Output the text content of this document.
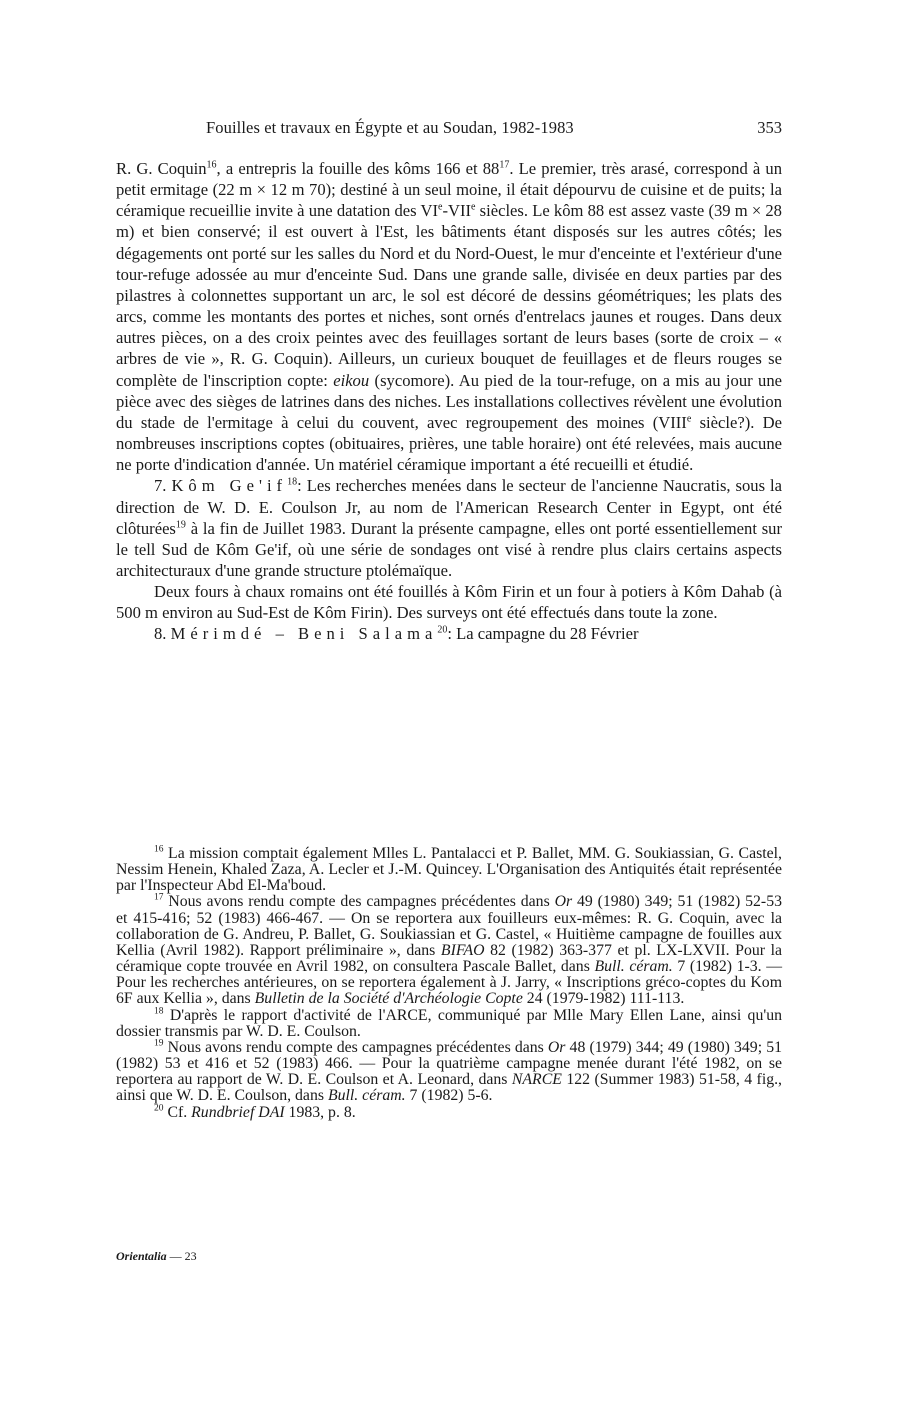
Fouilles et travaux en Égypte et au Soudan, 1982-1983	353

R. G. Coquin$^{16}$, a entrepris la fouille des kôms 166 et $88^{17}$. Le premier, très arasé, correspond à un petit ermitage (22 m × 12 m 70); destiné à un seul moine, il était dépourvu de cuisine et de puits; la céramique recueillie invite à une datation des VIe-VIIe siècles. Le kôm 88 est assez vaste (39 m × 28 m) et bien conservé; il est ouvert à l'Est, les bâtiments étant disposés sur les autres côtés; les dégagements ont porté sur les salles du Nord et du Nord-Ouest, le mur d'enceinte et l'extérieur d'une tour-refuge adossée au mur d'enceinte Sud. Dans une grande salle, divisée en deux parties par des pilastres à colonnettes supportant un arc, le sol est décoré de dessins géométriques; les plats des arcs, comme les montants des portes et niches, sont ornés d'entrelacs jaunes et rouges. Dans deux autres pièces, on a des croix peintes avec des feuillages sortant de leurs bases (sorte de croix – « arbres de vie », R. G. Coquin). Ailleurs, un curieux bouquet de feuillages et de fleurs rouges se complète de l'inscription copte: eikou (sycomore). Au pied de la tour-refuge, on a mis au jour une pièce avec des sièges de latrines dans des niches. Les installations collectives révèlent une évolution du stade de l'ermitage à celui du couvent, avec regroupement des moines (VIIIe siècle?). De nombreuses inscriptions coptes (obituaires, prières, une table horaire) ont été relevées, mais aucune ne porte d'indication d'année. Un matériel céramique important a été recueilli et étudié.

7. Kôm $Ge'if^{18}$: Les recherches menées dans le secteur de l'ancienne Naucratis, sous la direction de W. D. E. Coulson Jr, au nom de l'American Research Center in Egypt, ont été clôturées$^{19}$ à la fin de Juillet 1983. Durant la présente campagne, elles ont porté essentiellement sur le tell Sud de Kôm Ge'if, où une série de sondages ont visé à rendre plus clairs certains aspects architecturaux d'une grande structure ptolémaïque.

Deux fours à chaux romains ont été fouillés à Kôm Firin et un four à potiers à Kôm Dahab (à 500 m environ au Sud-Est de Kôm Firin). Des surveys ont été effectués dans toute la zone.

8. Mérimdé – Beni Salama$^{20}$: La campagne du 28 Février

$^{16}$ La mission comptait également Mlles L. Pantalacci et P. Ballet, MM. G. Soukiassian, G. Castel, Nessim Henein, Khaled Zaza, A. Lecler et J.-M. Quincey. L'Organisation des Antiquités était représentée par l'Inspecteur Abd El-Ma'boud.

$^{17}$ Nous avons rendu compte des campagnes précédentes dans Or 49 (1980) 349; 51 (1982) 52-53 et 415-416; 52 (1983) 466-467. — On se reportera aux fouilleurs eux-mêmes: R. G. Coquin, avec la collaboration de G. Andreu, P. Ballet, G. Soukiassian et G. Castel, « Huitième campagne de fouilles aux Kellia (Avril 1982). Rapport préliminaire », dans BIFAO 82 (1982) 363-377 et pl. LX-LXVII. Pour la céramique copte trouvée en Avril 1982, on consultera Pascale Ballet, dans Bull. céram. 7 (1982) 1-3. — Pour les recherches antérieures, on se reportera également à J. Jarry, « Inscriptions gréco-coptes du Kom 6F aux Kellia », dans Bulletin de la Société d'Archéologie Copte 24 (1979-1982) 111-113.

$^{18}$ D'après le rapport d'activité de l'ARCE, communiqué par Mlle Mary Ellen Lane, ainsi qu'un dossier transmis par W. D. E. Coulson.

$^{19}$ Nous avons rendu compte des campagnes précédentes dans Or 48 (1979) 344; 49 (1980) 349; 51 (1982) 53 et 416 et 52 (1983) 466. — Pour la quatrième campagne menée durant l'été 1982, on se reportera au rapport de W. D. E. Coulson et A. Leonard, dans NARCE 122 (Summer 1983) 51-58, 4 fig., ainsi que W. D. E. Coulson, dans Bull. céram. 7 (1982) 5-6.

$^{20}$ Cf. Rundbrief DAI 1983, p. 8.

Orientalia — 23
